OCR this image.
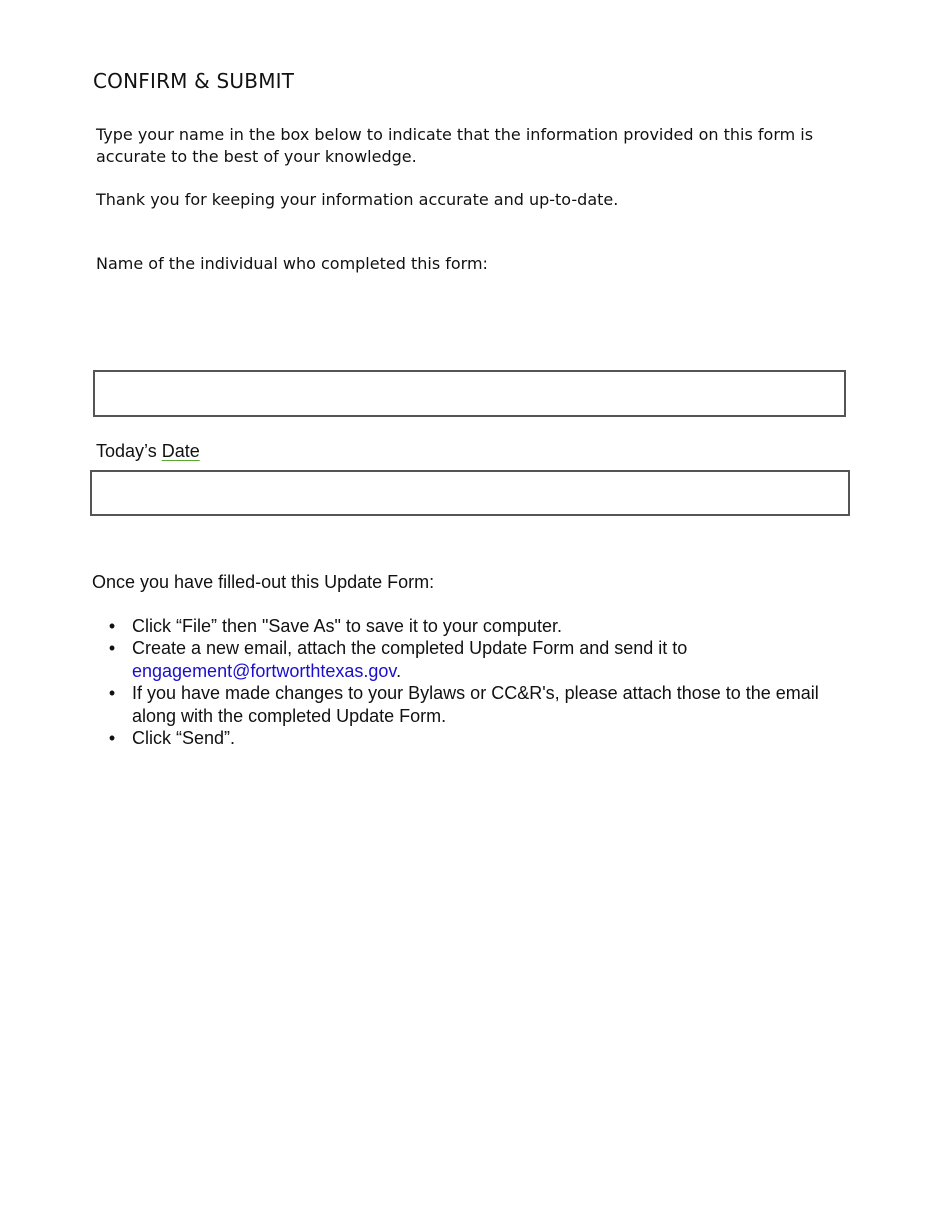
CONFIRM & SUBMIT
Type your name in the box below to indicate that the information provided on this form is accurate to the best of your knowledge.
Thank you for keeping your information accurate and up-to-date.
Name of the individual who completed this form:
Today’s Date
Once you have filled-out this Update Form:
• Click “File” then "Save As" to save it to your computer.
• Create a new email, attach the completed Update Form and send it to
engagement@fortworthtexas.gov.
• If you have made changes to your Bylaws or CC&R's, please attach those to the email along with the completed Update Form.
• Click “Send”.
